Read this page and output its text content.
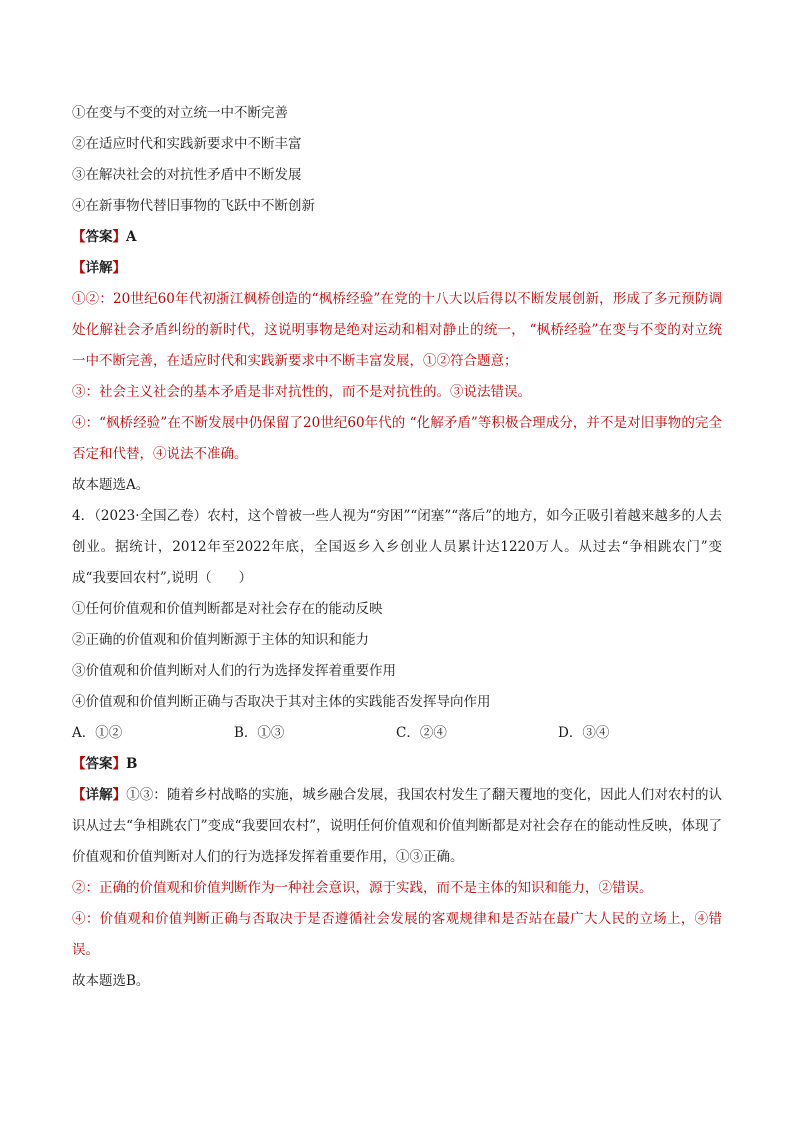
①在变与不变的对立统一中不断完善
②在适应时代和实践新要求中不断丰富
③在解决社会的对抗性矛盾中不断发展
④在新事物代替旧事物的飞跃中不断创新
【答案】A
【详解】
①②：20世纪60年代初浙江枫桥创造的“枫桥经验”在党的十八大以后得以不断发展创新，形成了多元预防调处化解社会矛盾纠纷的新时代，这说明事物是绝对运动和相对静止的统一， “枫桥经验”在变与不变的对立统一中不断完善，在适应时代和实践新要求中不断丰富发展，①②符合题意；
③：社会主义社会的基本矛盾是非对抗性的，而不是对抗性的。③说法错误。
④：“枫桥经验”在不断发展中仍保留了20世纪60年代的 “化解矛盾”等积极合理成分，并不是对旧事物的完全否定和代替，④说法不准确。
故本题选A。
4．（2023·全国乙卷）农村，这个曾被一些人视为“穷困”“闭塞”“落后”的地方，如今正吸引着越来越多的人去创业。据统计，2012年至2022年底，全国返乡入乡创业人员累计达1220万人。从过去“争相跳农门”变成“我要回农村”,说明（　　）
①任何价值观和价值判断都是对社会存在的能动反映
②正确的价值观和价值判断源于主体的知识和能力
③价值观和价值判断对人们的行为选择发挥着重要作用
④价值观和价值判断正确与否取决于其对主体的实践能否发挥导向作用
A．①②	B．①③	C．②④	D．③④
【答案】B
【详解】①③：随着乡村战略的实施，城乡融合发展，我国农村发生了翻天覆地的变化，因此人们对农村的认识从过去“争相跳农门”变成“我要回农村”，说明任何价值观和价值判断都是对社会存在的能动性反映，体现了价值观和价值判断对人们的行为选择发挥着重要作用，①③正确。
②：正确的价值观和价值判断作为一种社会意识，源于实践，而不是主体的知识和能力，②错误。
④：价值观和价值判断正确与否取决于是否遵循社会发展的客观规律和是否站在最广大人民的立场上，④错误。
故本题选B。
